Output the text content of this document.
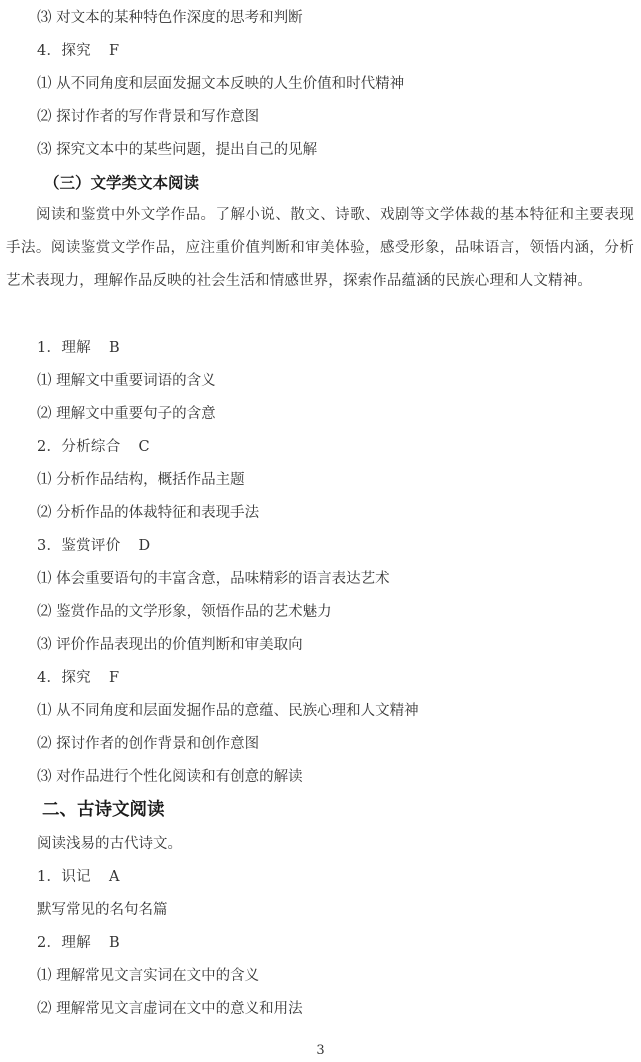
⑶ 对文本的某种特色作深度的思考和判断
4．探究 F
⑴ 从不同角度和层面发掘文本反映的人生价值和时代精神
⑵ 探讨作者的写作背景和写作意图
⑶ 探究文本中的某些问题，提出自己的见解
（三）文学类文本阅读
阅读和鉴赏中外文学作品。了解小说、散文、诗歌、戏剧等文学体裁的基本特征和主要表现手法。阅读鉴赏文学作品，应注重价值判断和审美体验，感受形象，品味语言，领悟内涵，分析艺术表现力，理解作品反映的社会生活和情感世界，探索作品蕴涵的民族心理和人文精神。
1．理解 B
⑴ 理解文中重要词语的含义
⑵ 理解文中重要句子的含意
2．分析综合 C
⑴ 分析作品结构，概括作品主题
⑵ 分析作品的体裁特征和表现手法
3．鉴赏评价 D
⑴ 体会重要语句的丰富含意，品味精彩的语言表达艺术
⑵ 鉴赏作品的文学形象，领悟作品的艺术魅力
⑶ 评价作品表现出的价值判断和审美取向
4．探究 F
⑴ 从不同角度和层面发掘作品的意蕴、民族心理和人文精神
⑵ 探讨作者的创作背景和创作意图
⑶ 对作品进行个性化阅读和有创意的解读
二、古诗文阅读
阅读浅易的古代诗文。
1．识记 A
默写常见的名句名篇
2．理解 B
⑴ 理解常见文言实词在文中的含义
⑵ 理解常见文言虚词在文中的意义和用法
3
